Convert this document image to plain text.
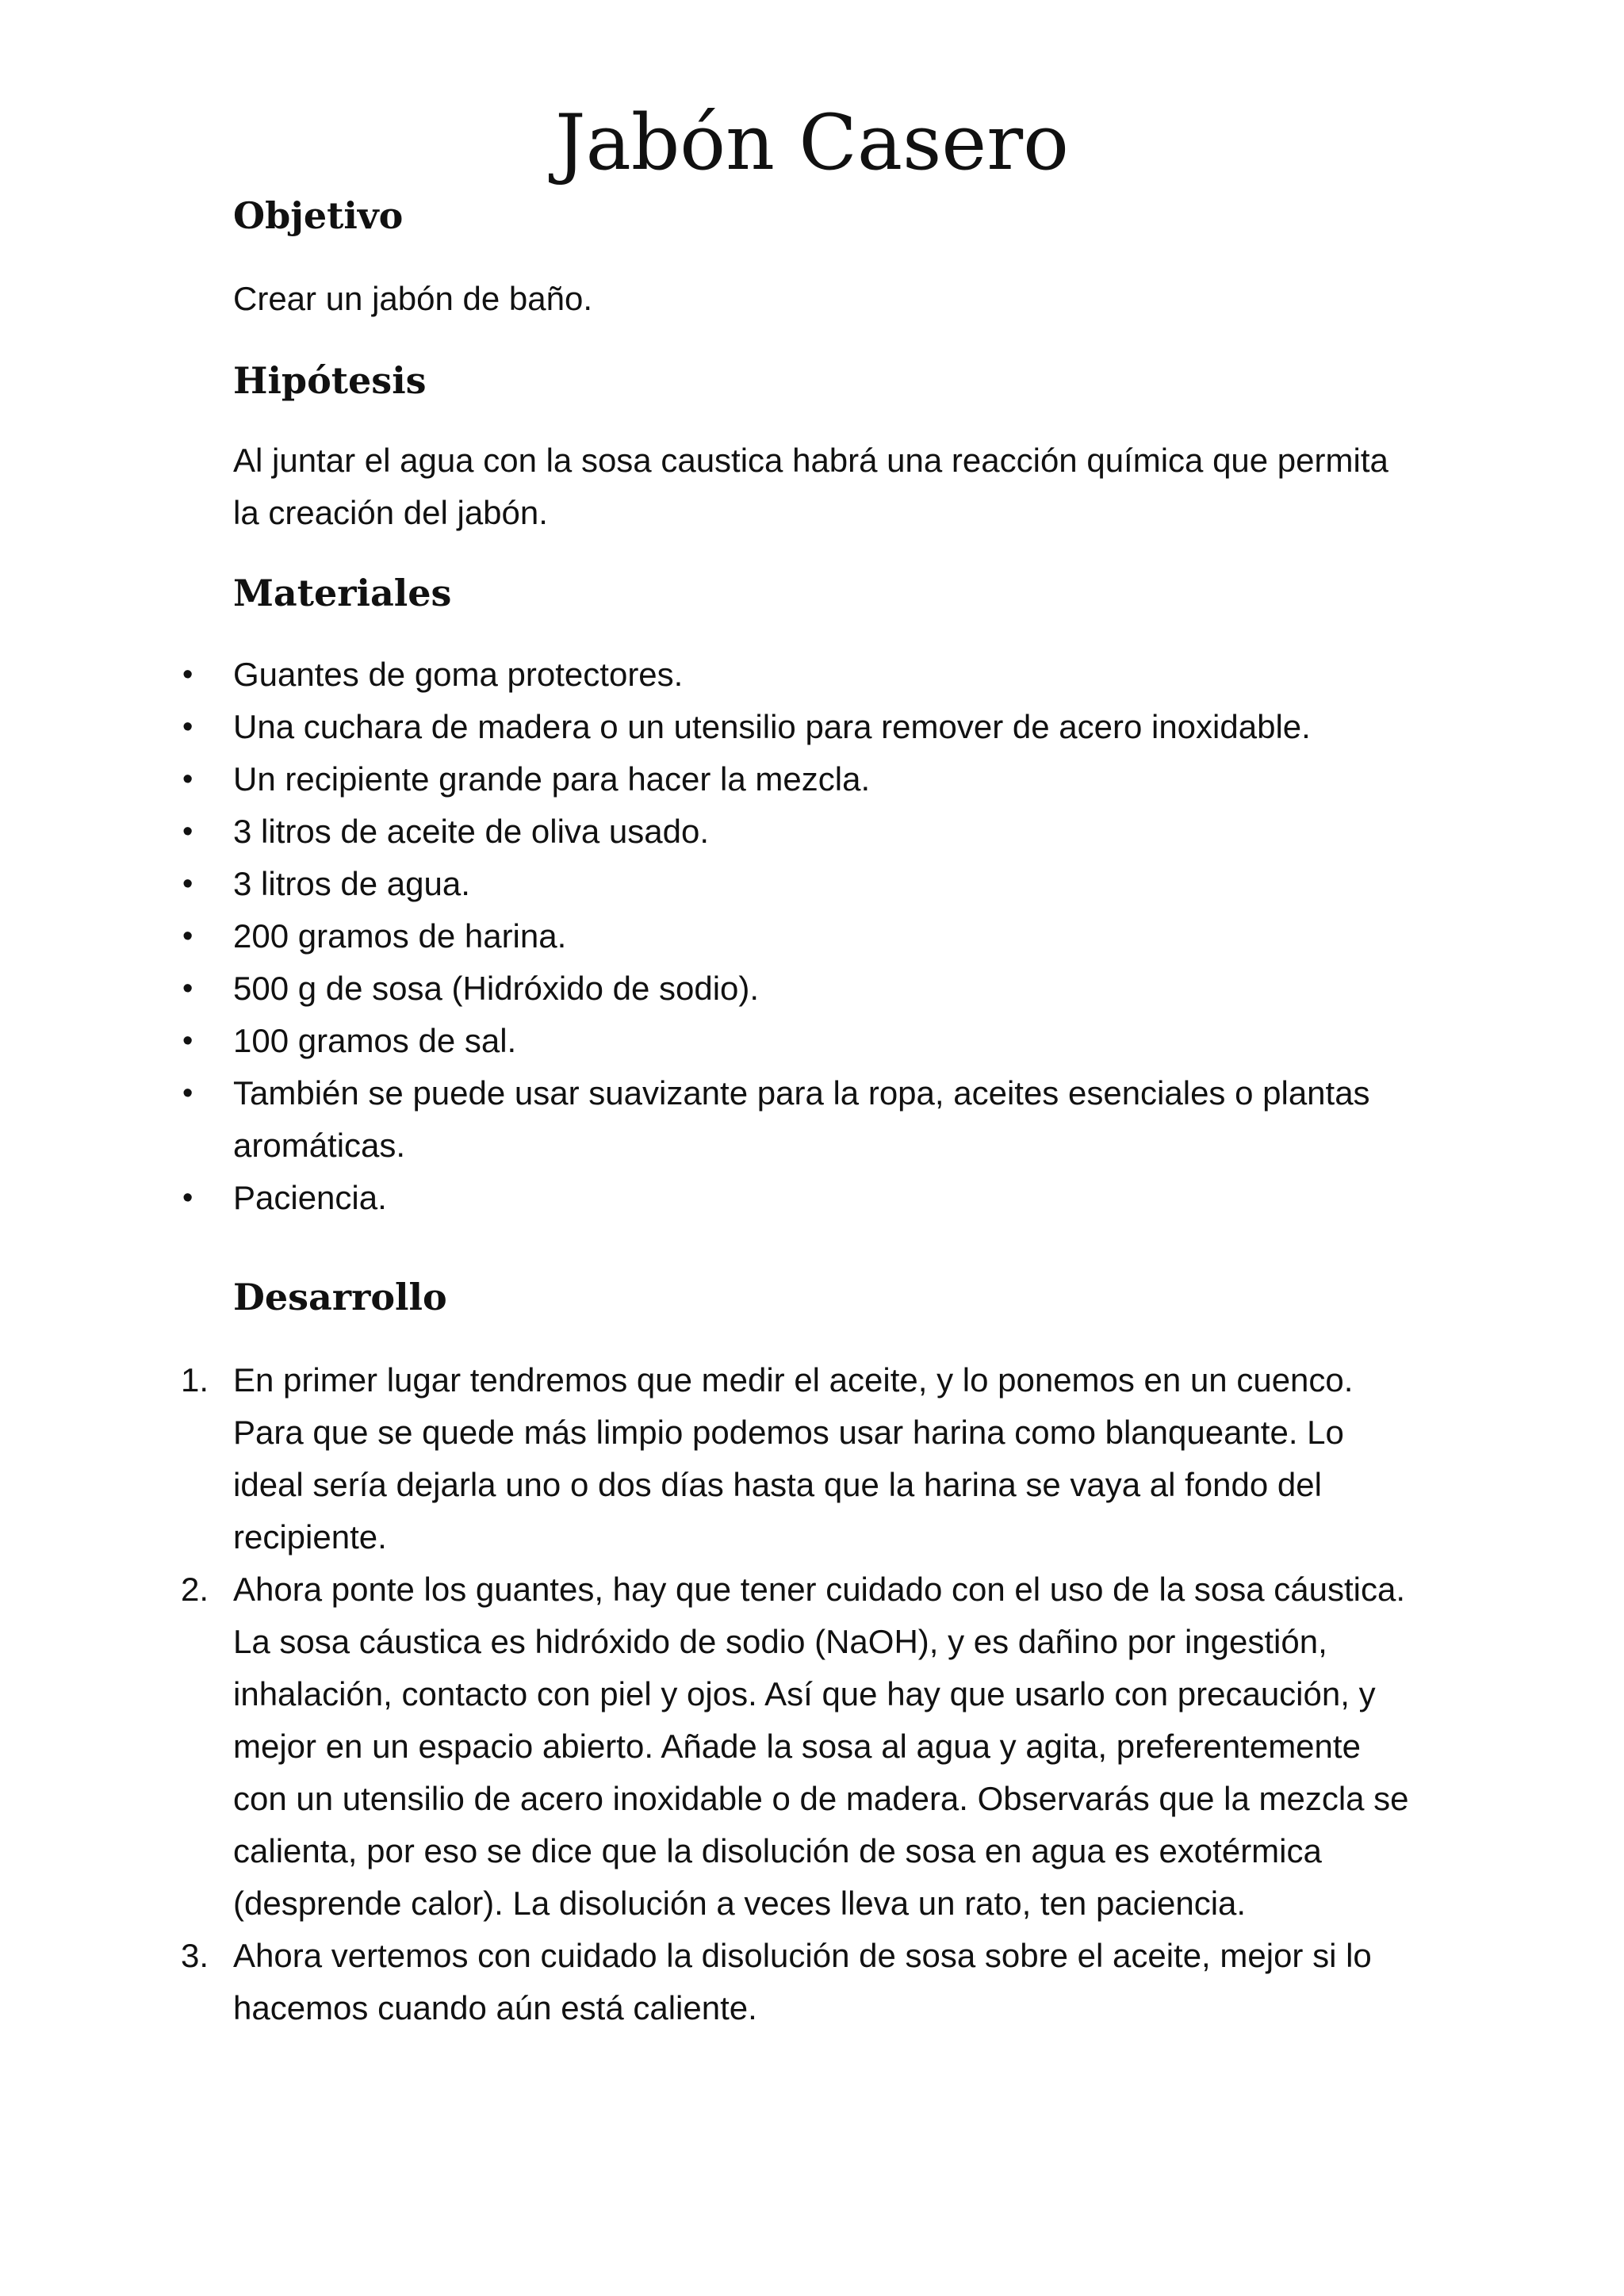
Jabón Casero
Objetivo

Crear un jabón de baño.

Hipótesis

Al juntar el agua con la sosa caustica habrá una reacción química que permita la creación del jabón.

Materiales
• Guantes de goma protectores.
• Una cuchara de madera o un utensilio para remover de acero inoxidable.
• Un recipiente grande para hacer la mezcla.
• 3 litros de aceite de oliva usado.
• 3 litros de agua.
• 200 gramos de harina.
• 500 g de sosa (Hidróxido de sodio).
• 100 gramos de sal.
• También se puede usar suavizante para la ropa, aceites esenciales o plantas aromáticas.
• Paciencia.
Desarrollo
1. En primer lugar tendremos que medir el aceite, y lo ponemos en un cuenco. Para que se quede más limpio podemos usar harina como blanqueante. Lo ideal sería dejarla uno o dos días hasta que la harina se vaya al fondo del recipiente.
2. Ahora ponte los guantes, hay que tener cuidado con el uso de la sosa cáustica. La sosa cáustica es hidróxido de sodio (NaOH), y es dañino por ingestión, inhalación, contacto con piel y ojos. Así que hay que usarlo con precaución, y mejor en un espacio abierto. Añade la sosa al agua y agita, preferentemente con un utensilio de acero inoxidable o de madera. Observarás que la mezcla se calienta, por eso se dice que la disolución de sosa en agua es exotérmica (desprende calor). La disolución a veces lleva un rato, ten paciencia.
3. Ahora vertemos con cuidado la disolución de sosa sobre el aceite, mejor si lo hacemos cuando aún está caliente.
